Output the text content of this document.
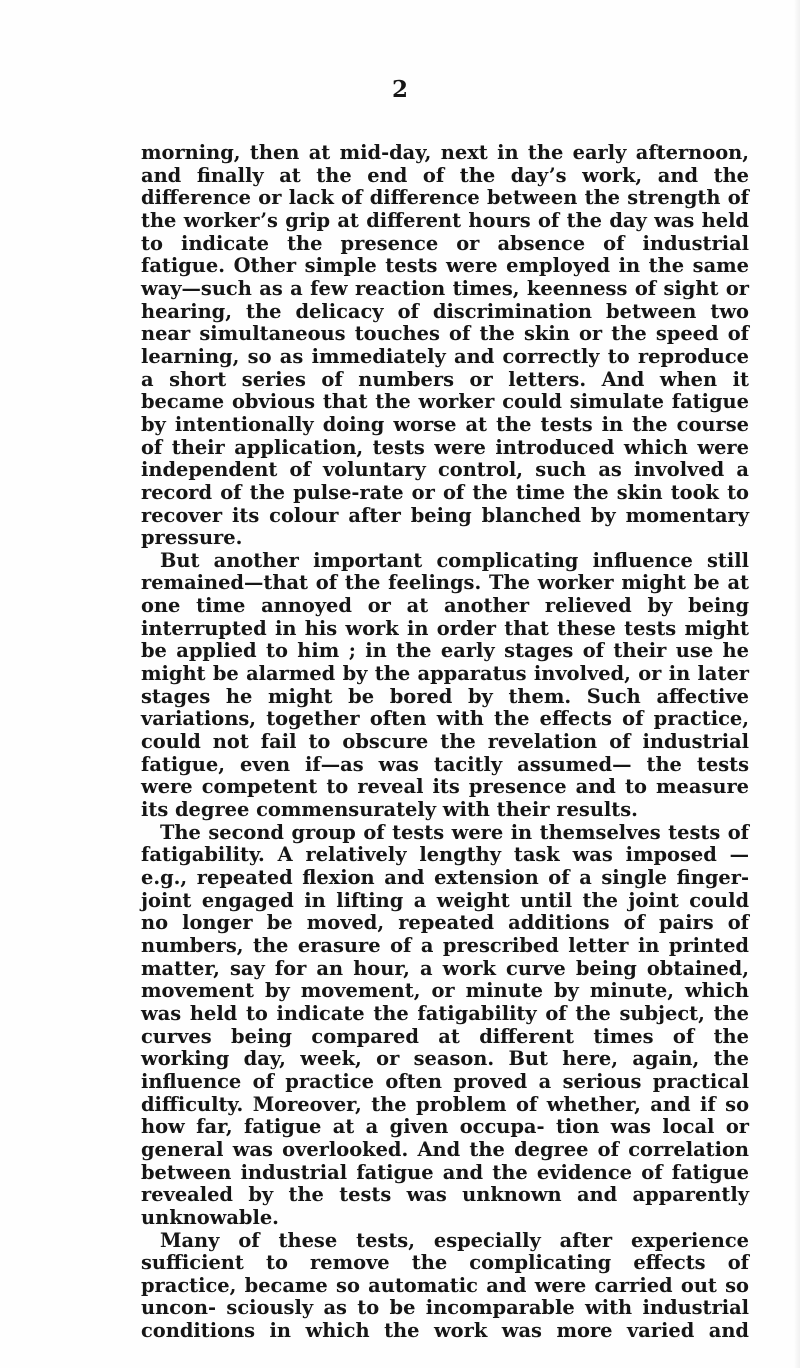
2

morning, then at mid-day, next in the early afternoon, and finally at the end of the day’s work, and the difference or lack of difference between the strength of the worker’s grip at different hours of the day was held to indicate the presence or absence of industrial fatigue. Other simple tests were employed in the same way—such as a few reaction times, keenness of sight or hearing, the delicacy of discrimination between two near simultaneous touches of the skin or the speed of learning, so as immediately and correctly to reproduce a short series of numbers or letters. And when it became obvious that the worker could simulate fatigue by intentionally doing worse at the tests in the course of their application, tests were introduced which were independent of voluntary control, such as involved a record of the pulse-rate or of the time the skin took to recover its colour after being blanched by momentary pressure.

But another important complicating influence still remained—that of the feelings. The worker might be at one time annoyed or at another relieved by being interrupted in his work in order that these tests might be applied to him ; in the early stages of their use he might be alarmed by the apparatus involved, or in later stages he might be bored by them. Such affective variations, together often with the effects of practice, could not fail to obscure the revelation of industrial fatigue, even if—as was tacitly assumed— the tests were competent to reveal its presence and to measure its degree commensurately with their results.

The second group of tests were in themselves tests of fatigability. A relatively lengthy task was imposed —e.g., repeated flexion and extension of a single finger-joint engaged in lifting a weight until the joint could no longer be moved, repeated additions of pairs of numbers, the erasure of a prescribed letter in printed matter, say for an hour, a work curve being obtained, movement by movement, or minute by minute, which was held to indicate the fatigability of the subject, the curves being compared at different times of the working day, week, or season. But here, again, the influence of practice often proved a serious practical difficulty. Moreover, the problem of whether, and if so how far, fatigue at a given occupa- tion was local or general was overlooked. And the degree of correlation between industrial fatigue and the evidence of fatigue revealed by the tests was unknown and apparently unknowable.

Many of these tests, especially after experience sufficient to remove the complicating effects of practice, became so automatic and were carried out so uncon- sciously as to be incomparable with industrial conditions in which the work was more varied and
